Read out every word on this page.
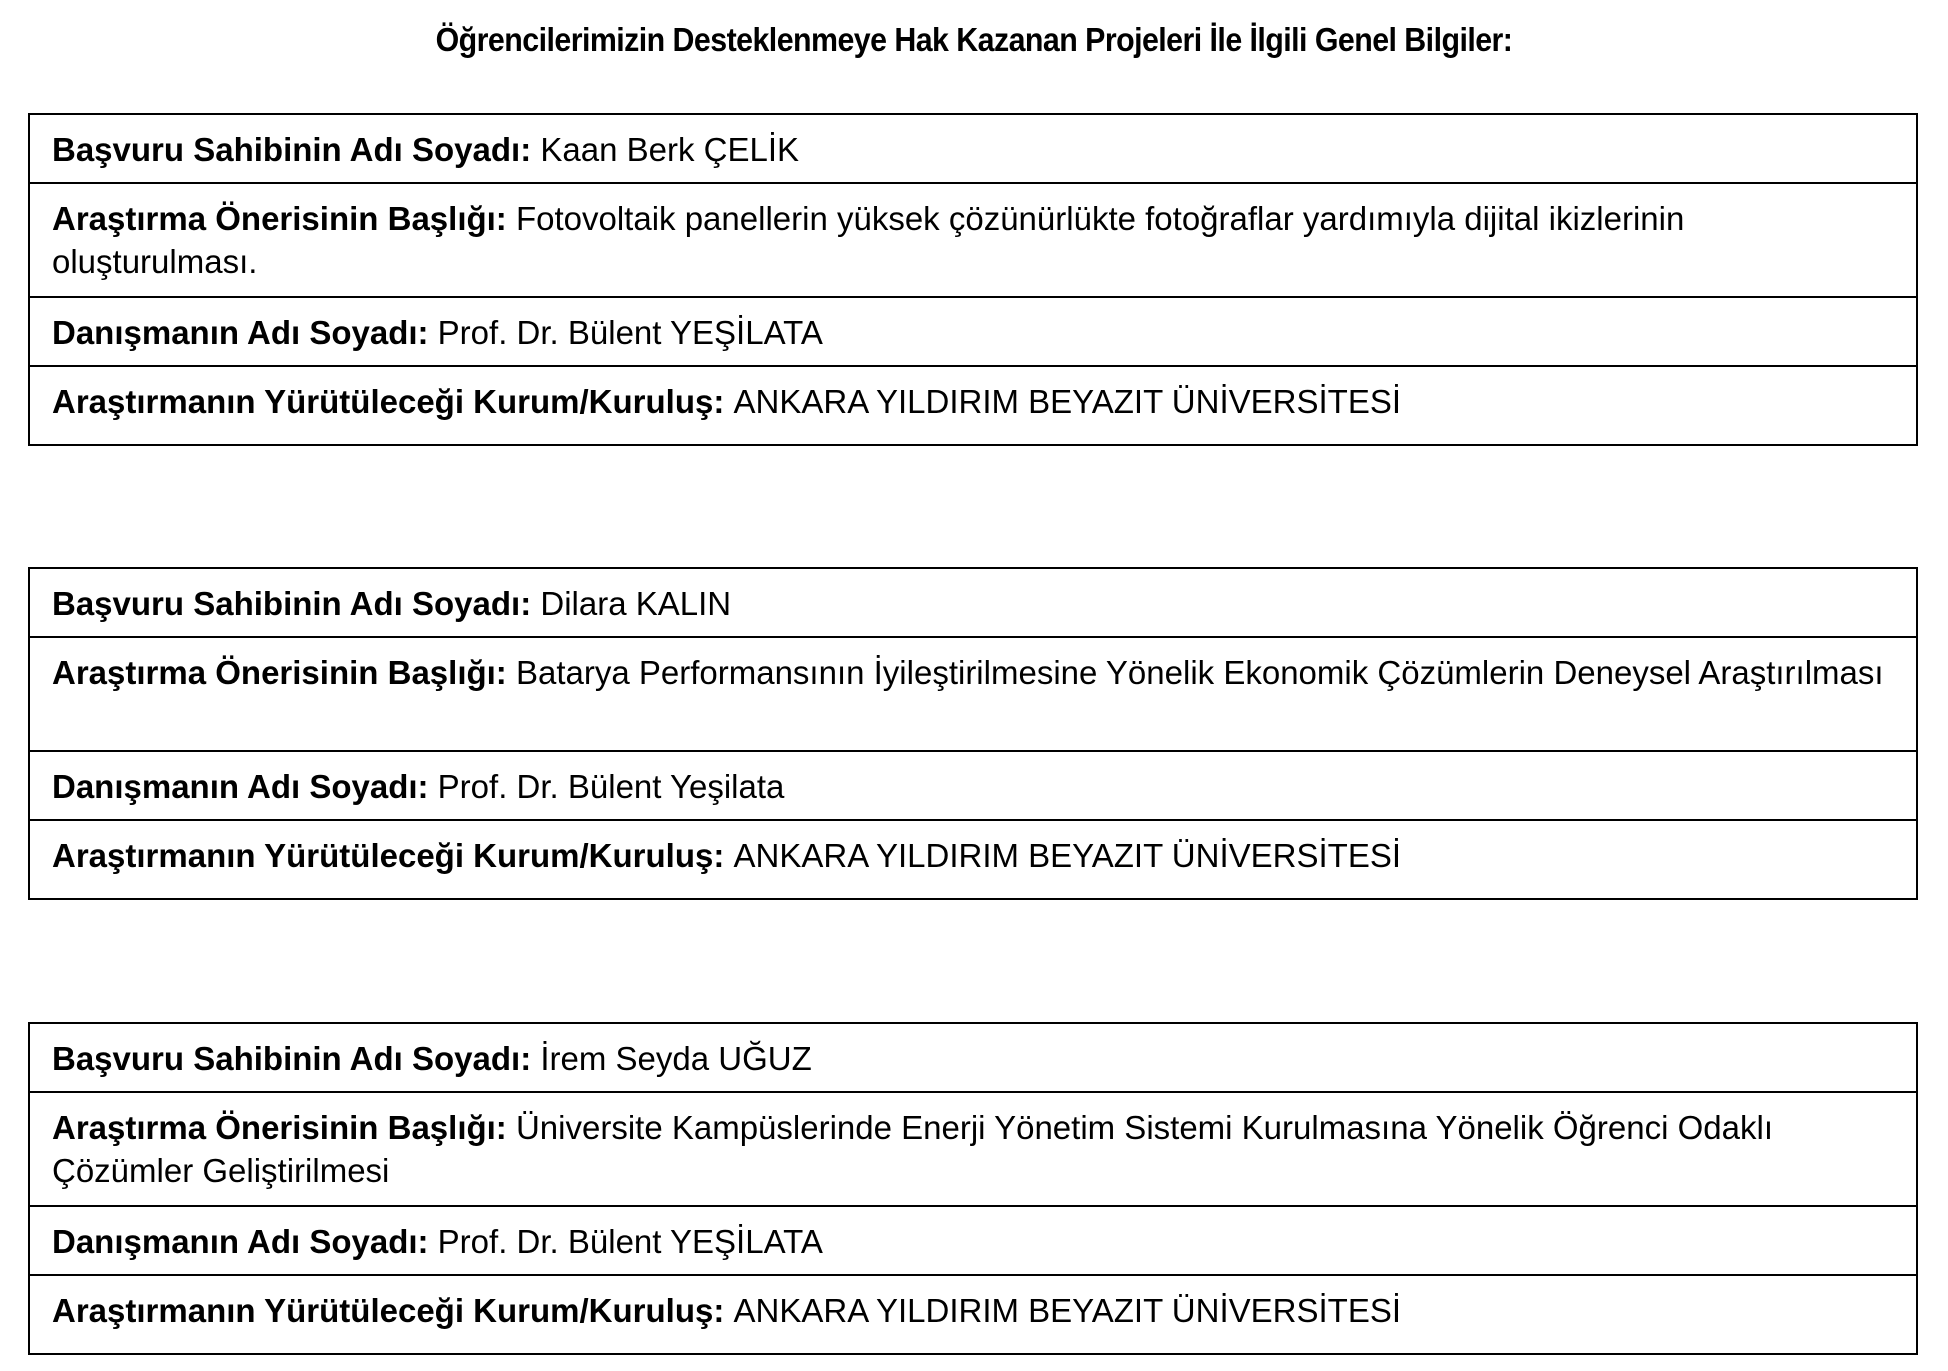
Öğrencilerimizin Desteklenmeye Hak Kazanan Projeleri İle İlgili Genel Bilgiler:
Başvuru Sahibinin Adı Soyadı: Kaan Berk ÇELİK
Araştırma Önerisinin Başlığı: Fotovoltaik panellerin yüksek çözünürlükte fotoğraflar yardımıyla dijital ikizlerinin oluşturulması.
Danışmanın Adı Soyadı: Prof. Dr. Bülent YEŞİLATA
Araştırmanın Yürütüleceği Kurum/Kuruluş: ANKARA YILDIRIM BEYAZIT ÜNİVERSİTESİ
Başvuru Sahibinin Adı Soyadı: Dilara KALIN
Araştırma Önerisinin Başlığı: Batarya Performansının İyileştirilmesine Yönelik Ekonomik Çözümlerin Deneysel Araştırılması
Danışmanın Adı Soyadı: Prof. Dr. Bülent Yeşilata
Araştırmanın Yürütüleceği Kurum/Kuruluş: ANKARA YILDIRIM BEYAZIT ÜNİVERSİTESİ
Başvuru Sahibinin Adı Soyadı: İrem Seyda UĞUZ
Araştırma Önerisinin Başlığı: Üniversite Kampüslerinde Enerji Yönetim Sistemi Kurulmasına Yönelik Öğrenci Odaklı Çözümler Geliştirilmesi
Danışmanın Adı Soyadı: Prof. Dr. Bülent YEŞİLATA
Araştırmanın Yürütüleceği Kurum/Kuruluş: ANKARA YILDIRIM BEYAZIT ÜNİVERSİTESİ
